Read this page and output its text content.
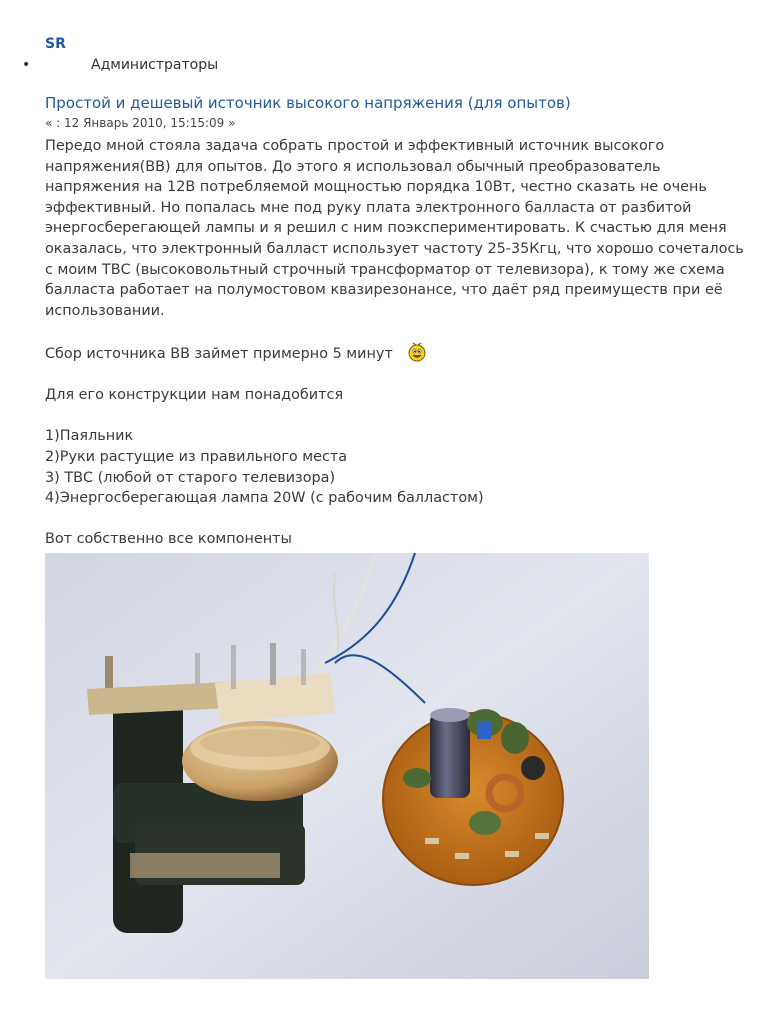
SR
•	Администраторы
Простой и дешевый источник высокого напряжения (для опытов)
« : 12 Январь 2010, 15:15:09 »

Передо мной стояла задача собрать простой и эффективный источник высокого напряжения(ВВ) для опытов. До этого я использовал обычный преобразователь напряжения на 12В потребляемой мощностью порядка 10Вт, честно сказать не очень эффективный. Но попалась мне под руку плата электронного балласта от разбитой энергосберегающей лампы и я решил с ним поэкспериментировать. К счастью для меня оказалась, что электронный балласт использует частоту 25-35Кгц, что хорошо сочеталось с моим ТВС (высоковольтный строчный трансформатор от телевизора), к тому же схема балласта работает на полумостовом квазирезонансе, что даёт ряд преимуществ при её использовании.

Сбор источника ВВ займет примерно 5 минут

Для его конструкции нам понадобится

1)Паяльник

2)Руки растущие из правильного места

3) ТВС (любой от старого телевизора)

4)Энергосберегающая лампа 20W (с рабочим балластом)

Вот собственно все компоненты
